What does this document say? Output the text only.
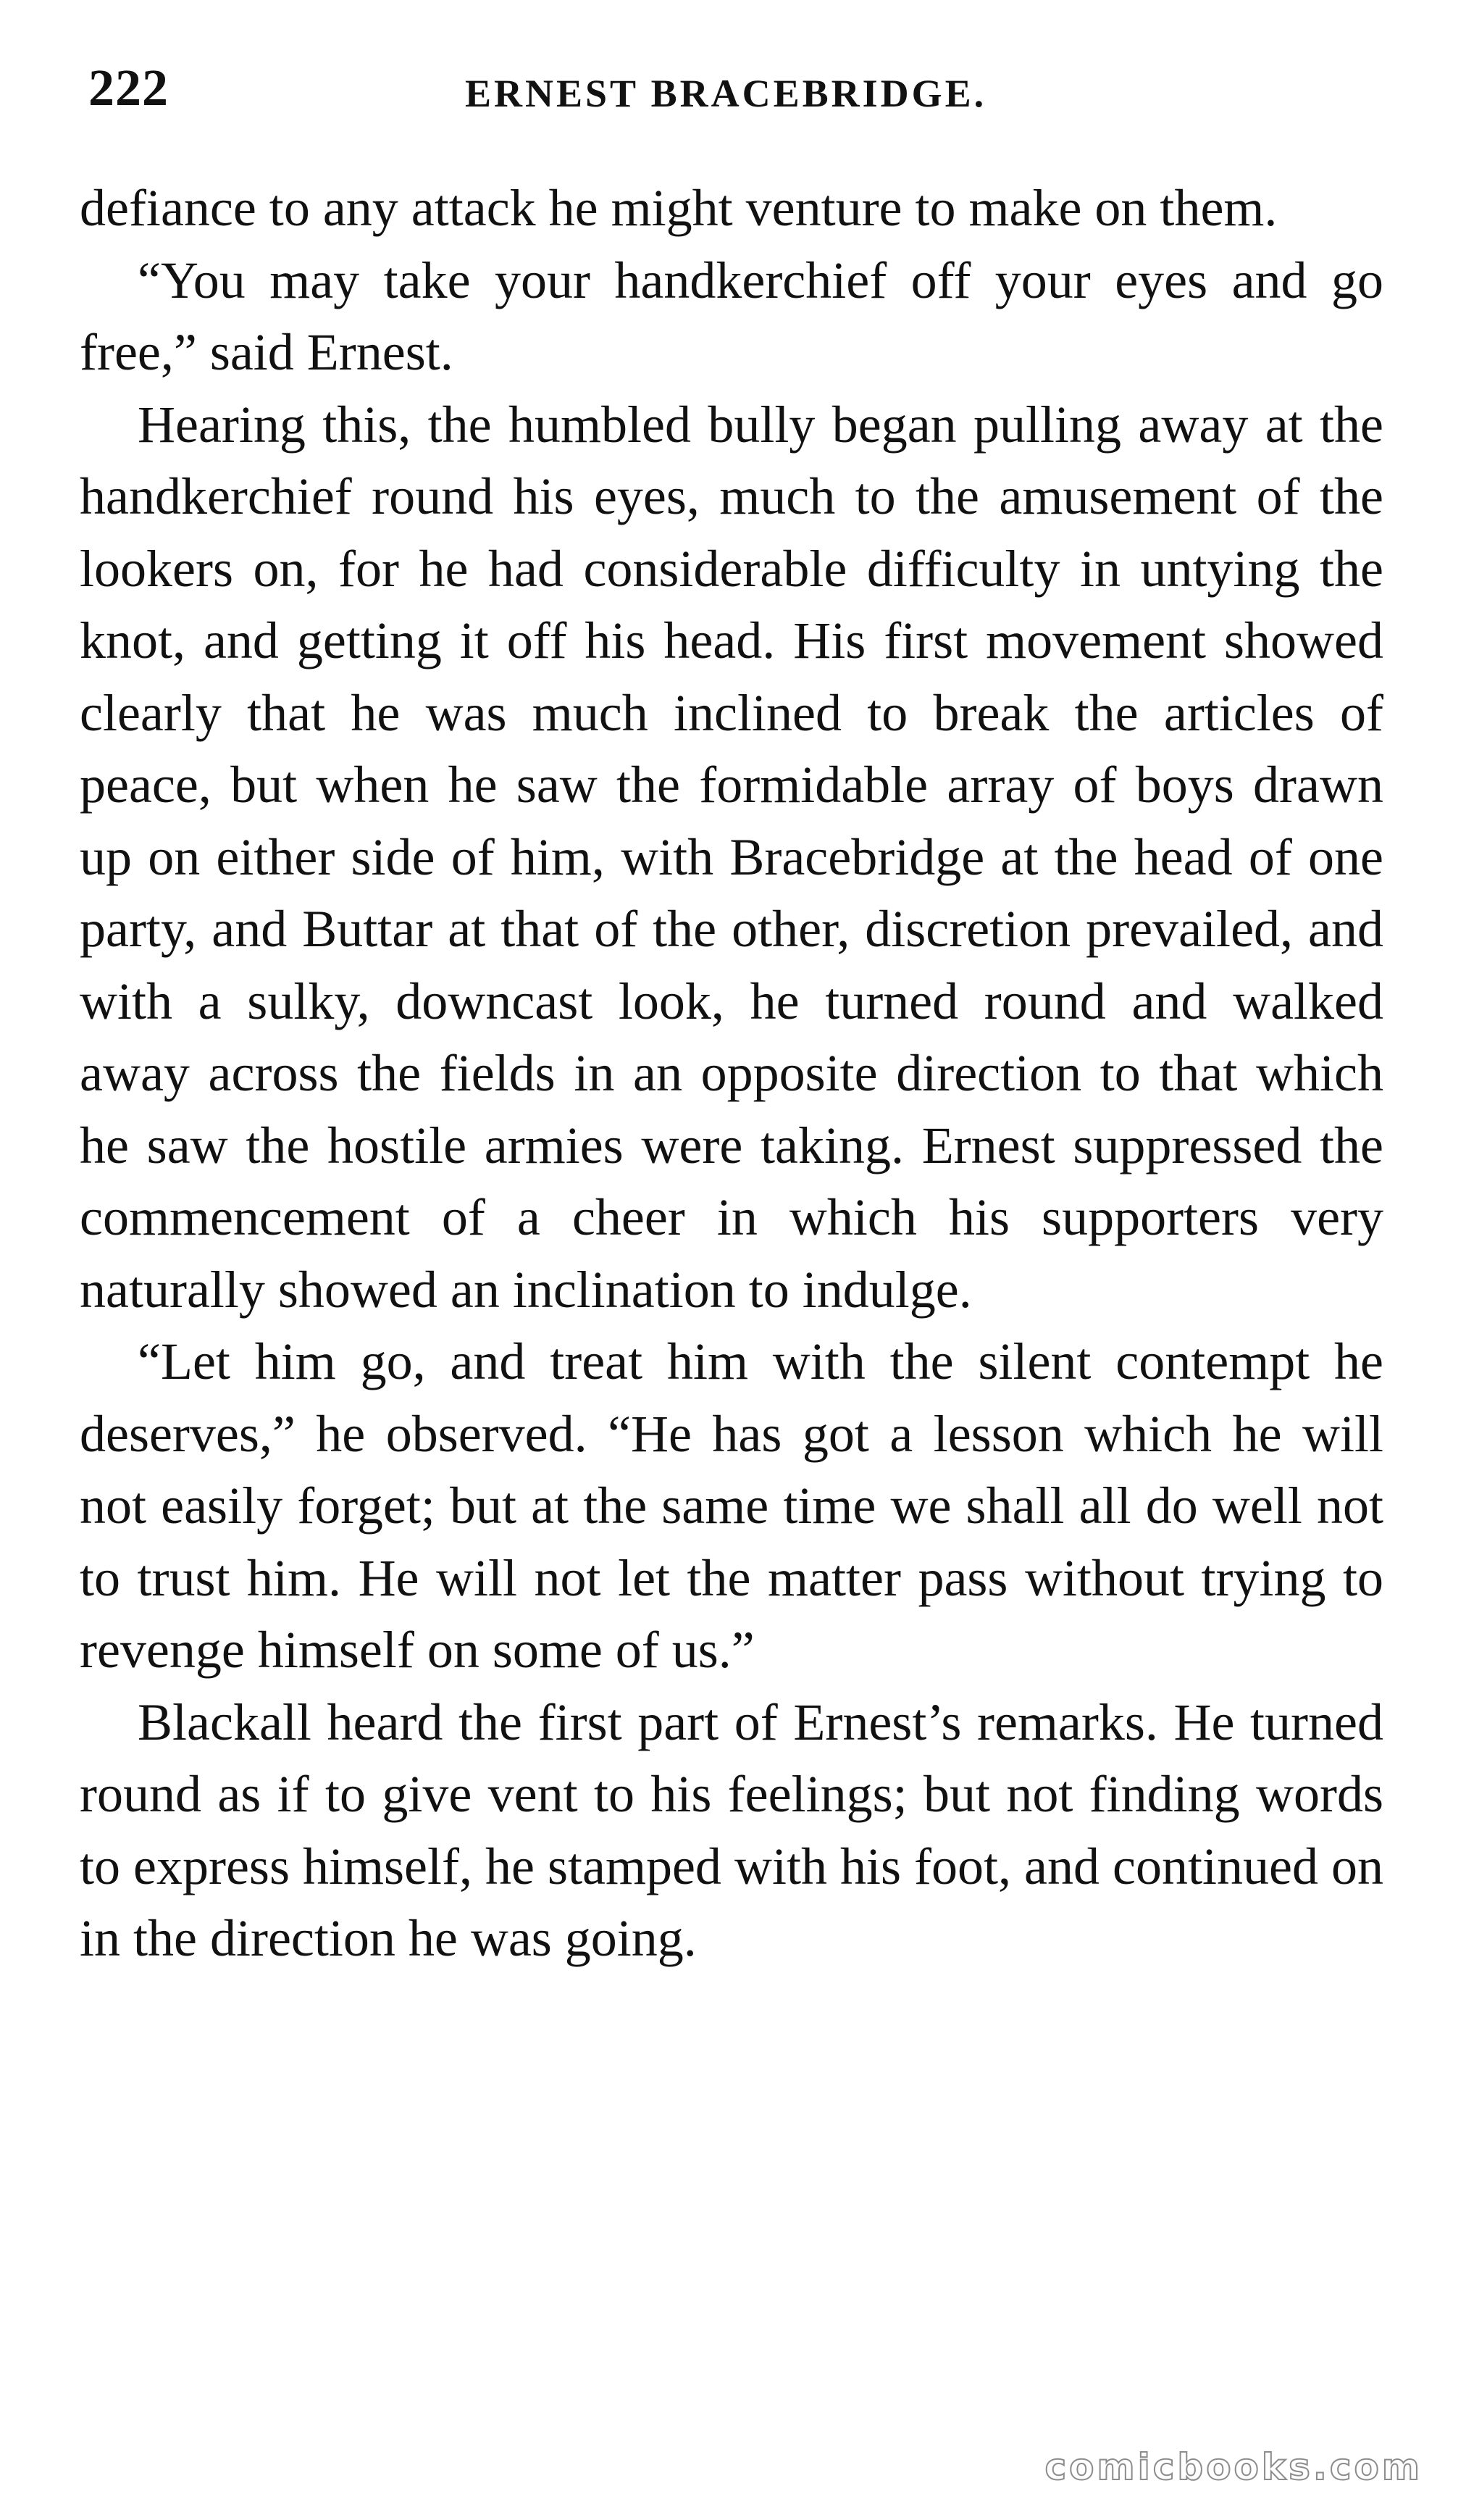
222	ERNEST BRACEBRIDGE.

defiance to any attack he might venture to make on them.

“You may take your handkerchief off your eyes and go free,” said Ernest.

Hearing this, the humbled bully began pulling away at the handkerchief round his eyes, much to the amusement of the lookers on, for he had considerable difficulty in untying the knot, and getting it off his head. His first movement showed clearly that he was much inclined to break the articles of peace, but when he saw the formidable array of boys drawn up on either side of him, with Bracebridge at the head of one party, and Buttar at that of the other, discretion prevailed, and with a sulky, downcast look, he turned round and walked away across the fields in an opposite direction to that which he saw the hostile armies were taking. Ernest suppressed the commencement of a cheer in which his supporters very naturally showed an inclination to indulge.

“Let him go, and treat him with the silent contempt he deserves,” he observed. “He has got a lesson which he will not easily forget; but at the same time we shall all do well not to trust him. He will not let the matter pass without trying to revenge himself on some of us.”

Blackall heard the first part of Ernest’s remarks. He turned round as if to give vent to his feelings; but not finding words to express himself, he stamped with his foot, and continued on in the direction he was going.

comicbooks.com
